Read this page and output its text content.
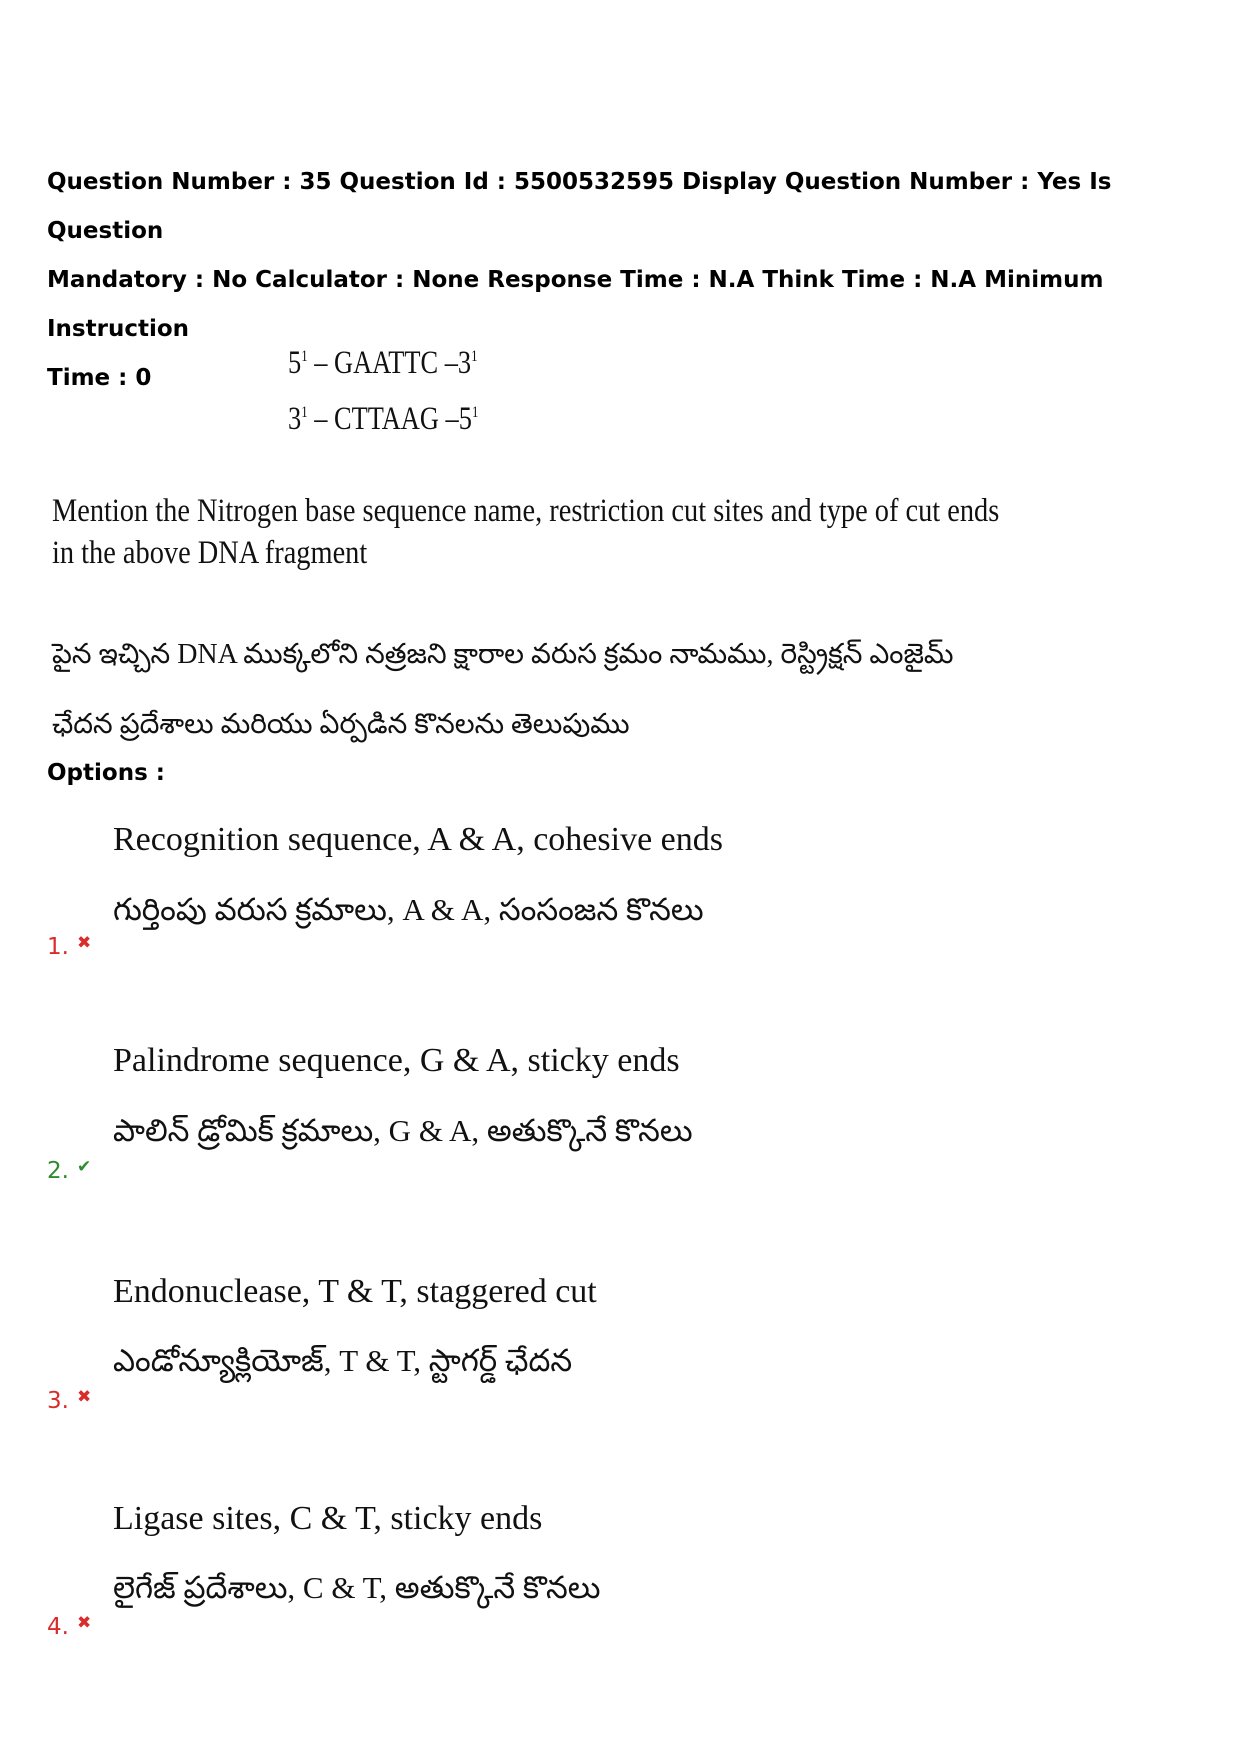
Question Number : 35 Question Id : 5500532595 Display Question Number : Yes Is Question
Mandatory : No Calculator : None Response Time : N.A Think Time : N.A Minimum Instruction
Time : 0	$5^1$ – GAATTC $-3^1$
$3^1$ – CTTAAG $-5^1$
Mention the Nitrogen base sequence name, restriction cut sites and type of cut ends
in the above DNA fragment
పైన ఇచ్చిన DNA ముక్కలోని నత్రజని క్షారాల వరుస క్రమం నామము, రెస్ట్రిక్షన్ ఎంజైమ్
ఛేదన ప్రదేశాలు మరియు ఏర్పడిన కొనలను తెలుపుము
Options :
Recognition sequence, A & A, cohesive ends
గుర్తింపు వరుస క్రమాలు, A & A, సంసంజన కొనలు
1. ✖
Palindrome sequence, G & A, sticky ends
పాలిన్ డ్రోమిక్ క్రమాలు, G & A, అతుక్కొనే కొనలు
2. ✔
Endonuclease, T & T, staggered cut
ఎండోన్యూక్లియోజ్, T & T, స్టాగర్డ్ ఛేదన
3. ✖
Ligase sites, C & T, sticky ends
లైగేజ్ ప్రదేశాలు, C & T, అతుక్కొనే కొనలు
4. ✖
